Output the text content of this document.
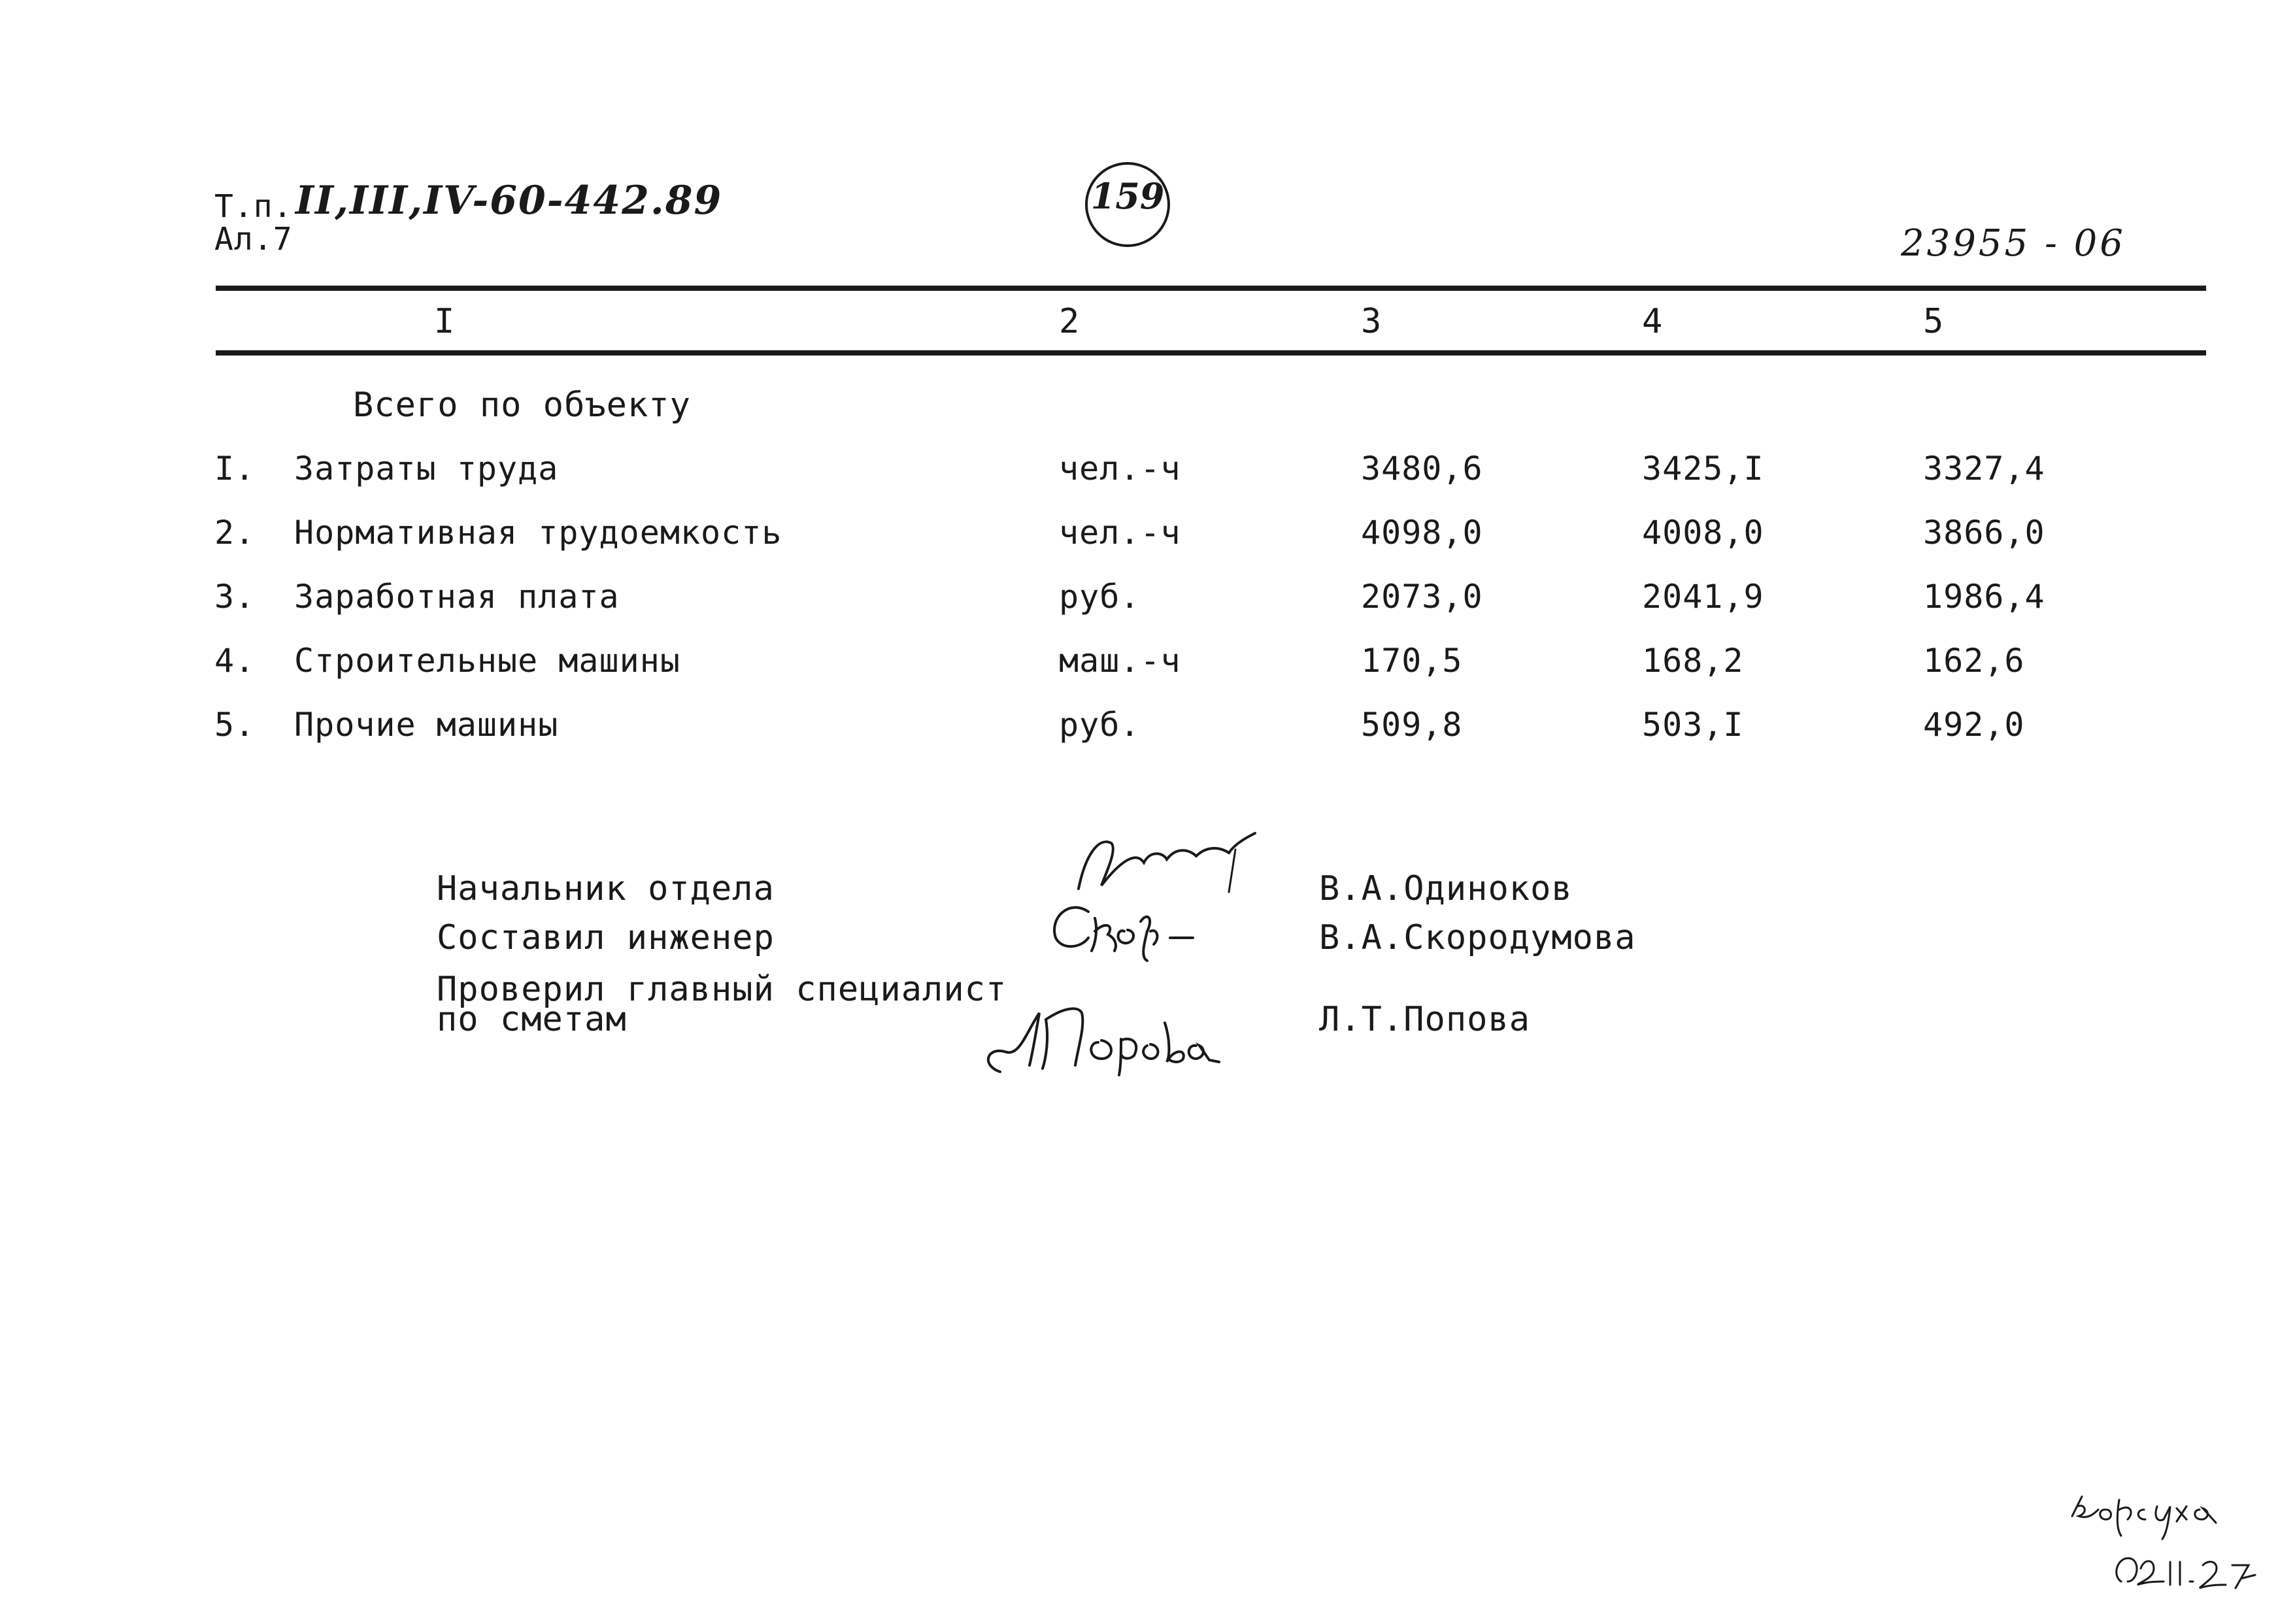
Т.п. II,III,IV-60-442.89
Ал.7
159
23955 - 06
I	2	3	4	5
Всего по объекту
I. Затраты труда	чел.-ч	3480,6	3425,I	3327,4
2. Нормативная трудоемкость	чел.-ч	4098,0	4008,0	3866,0
3. Заработная плата	руб.	2073,0	2041,9	1986,4
4. Строительные машины	маш.-ч	170,5	168,2	162,6
5. Прочие машины	руб.	509,8	503,I	492,0
Начальник отдела	В.А.Одиноков
Составил инженер	В.А.Скородумова
Проверил главный специалист
по сметам	Л.Т.Попова
